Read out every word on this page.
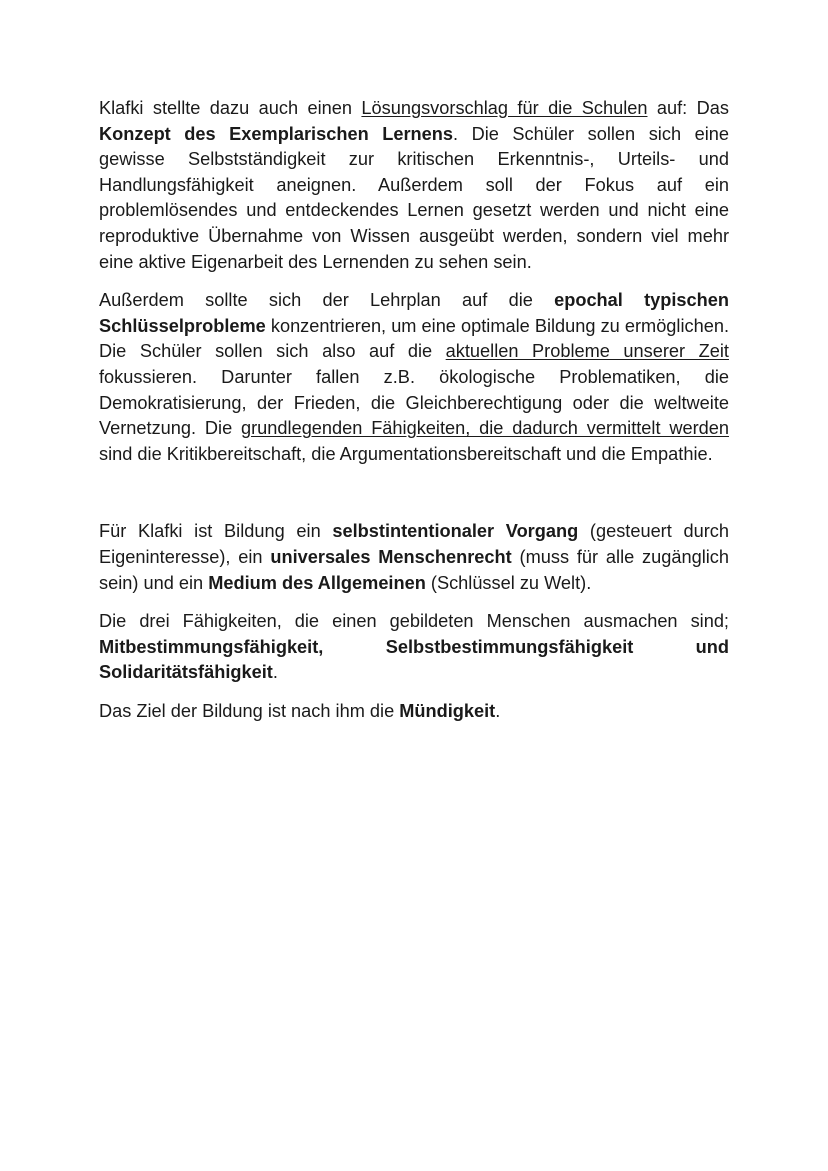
Klafki stellte dazu auch einen Lösungsvorschlag für die Schulen auf: Das Konzept des Exemplarischen Lernens. Die Schüler sollen sich eine gewisse Selbstständigkeit zur kritischen Erkenntnis-, Urteils- und Handlungsfähigkeit aneignen. Außerdem soll der Fokus auf ein problemlösendes und entdeckendes Lernen gesetzt werden und nicht eine reproduktive Übernahme von Wissen ausgeübt werden, sondern viel mehr eine aktive Eigenarbeit des Lernenden zu sehen sein.

Außerdem sollte sich der Lehrplan auf die epochal typischen Schlüsselprobleme konzentrieren, um eine optimale Bildung zu ermöglichen. Die Schüler sollen sich also auf die aktuellen Probleme unserer Zeit fokussieren. Darunter fallen z.B. ökologische Problematiken, die Demokratisierung, der Frieden, die Gleichberechtigung oder die weltweite Vernetzung. Die grundlegenden Fähigkeiten, die dadurch vermittelt werden sind die Kritikbereitschaft, die Argumentationsbereitschaft und die Empathie.

Für Klafki ist Bildung ein selbstintentionaler Vorgang (gesteuert durch Eigeninteresse), ein universales Menschenrecht (muss für alle zugänglich sein) und ein Medium des Allgemeinen (Schlüssel zu Welt).

Die drei Fähigkeiten, die einen gebildeten Menschen ausmachen sind; Mitbestimmungsfähigkeit, Selbstbestimmungsfähigkeit und Solidaritätsfähigkeit.

Das Ziel der Bildung ist nach ihm die Mündigkeit.
